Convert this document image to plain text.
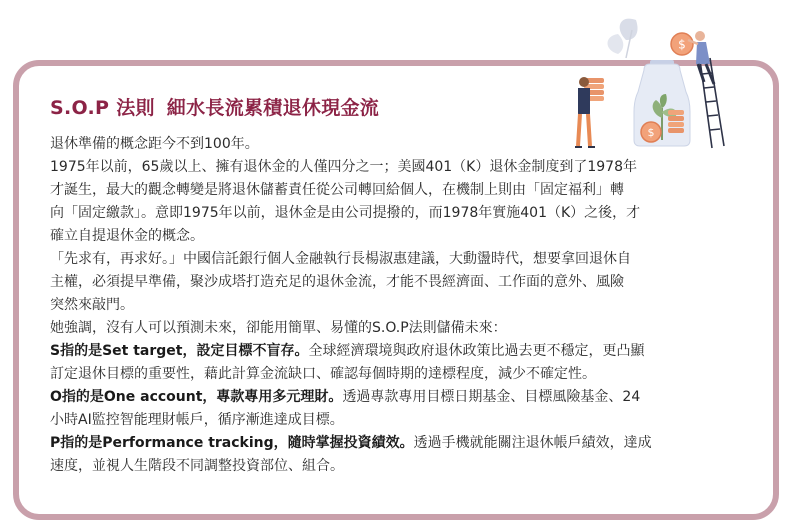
S.O.P 法則 細水長流累積退休現金流

退休準備的概念距今不到100年。

1975年以前，65歲以上、擁有退休金的人僅四分之一；美國401（K）退休金制度到了1978年

才誕生，最大的觀念轉變是將退休儲蓄責任從公司轉回給個人，在機制上則由「固定福利」轉

向「固定繳款」。意即1975年以前，退休金是由公司提撥的，而1978年實施401（K）之後，才

確立自提退休金的概念。

「先求有，再求好。」中國信託銀行個人金融執行長楊淑惠建議，大動盪時代，想要拿回退休自

主權，必須提早準備，聚沙成塔打造充足的退休金流，才能不畏經濟面、工作面的意外、風險

突然來敲門。

她強調，沒有人可以預測未來，卻能用簡單、易懂的S.O.P法則儲備未來：

S指的是Set target，設定目標不盲存。全球經濟環境與政府退休政策比過去更不穩定，更凸顯

訂定退休目標的重要性，藉此計算金流缺口、確認每個時期的達標程度，減少不確定性。

O指的是One account，專款專用多元理財。透過專款專用目標日期基金、目標風險基金、24

小時AI監控智能理財帳戶，循序漸進達成目標。

P指的是Performance tracking，隨時掌握投資績效。透過手機就能關注退休帳戶績效，達成

速度，並視人生階段不同調整投資部位、組合。

$
$
